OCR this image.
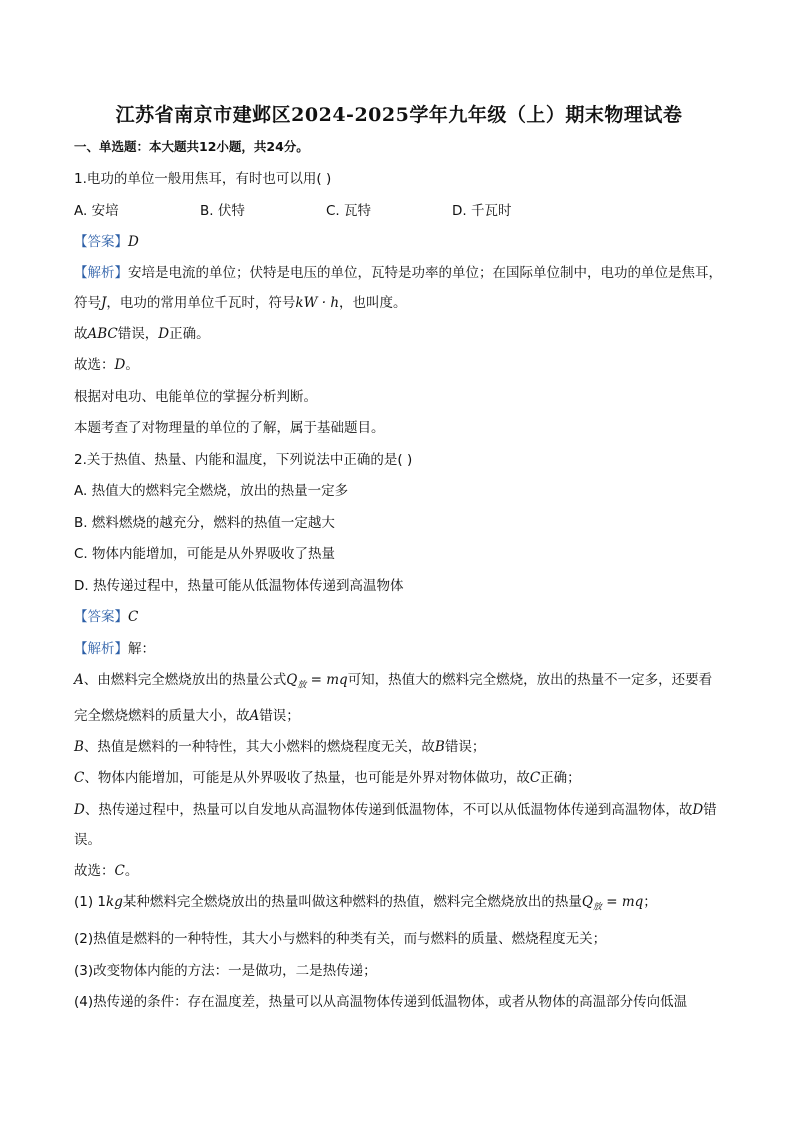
江苏省南京市建邺区2024-2025学年九年级（上）期末物理试卷
一、单选题：本大题共12小题，共24分。
1.电功的单位一般用焦耳，有时也可以用( )
A. 安培	B. 伏特	C. 瓦特	D. 千瓦时
【答案】D
【解析】安培是电流的单位；伏特是电压的单位，瓦特是功率的单位；在国际单位制中，电功的单位是焦耳，符号J，电功的常用单位千瓦时，符号kW · h，也叫度。
故ABC错误，D正确。
故选：D。
根据对电功、电能单位的掌握分析判断。
本题考查了对物理量的单位的了解，属于基础题目。
2.关于热值、热量、内能和温度，下列说法中正确的是( )
A. 热值大的燃料完全燃烧，放出的热量一定多
B. 燃料燃烧的越充分，燃料的热值一定越大
C. 物体内能增加，可能是从外界吸收了热量
D. 热传递过程中，热量可能从低温物体传递到高温物体
【答案】C
【解析】解：
A、由燃料完全燃烧放出的热量公式$Q_放$ = mq可知，热值大的燃料完全燃烧，放出的热量不一定多，还要看完全燃烧燃料的质量大小，故A错误；
B、热值是燃料的一种特性，其大小燃料的燃烧程度无关，故B错误；
C、物体内能增加，可能是从外界吸收了热量，也可能是外界对物体做功，故C正确；
D、热传递过程中，热量可以自发地从高温物体传递到低温物体，不可以从低温物体传递到高温物体，故D错误。
故选：C。
(1) 1kg某种燃料完全燃烧放出的热量叫做这种燃料的热值，燃料完全燃烧放出的热量$Q_放$ = mq；
(2)热值是燃料的一种特性，其大小与燃料的种类有关，而与燃料的质量、燃烧程度无关；
(3)改变物体内能的方法：一是做功，二是热传递；
(4)热传递的条件：存在温度差，热量可以从高温物体传递到低温物体，或者从物体的高温部分传向低温
